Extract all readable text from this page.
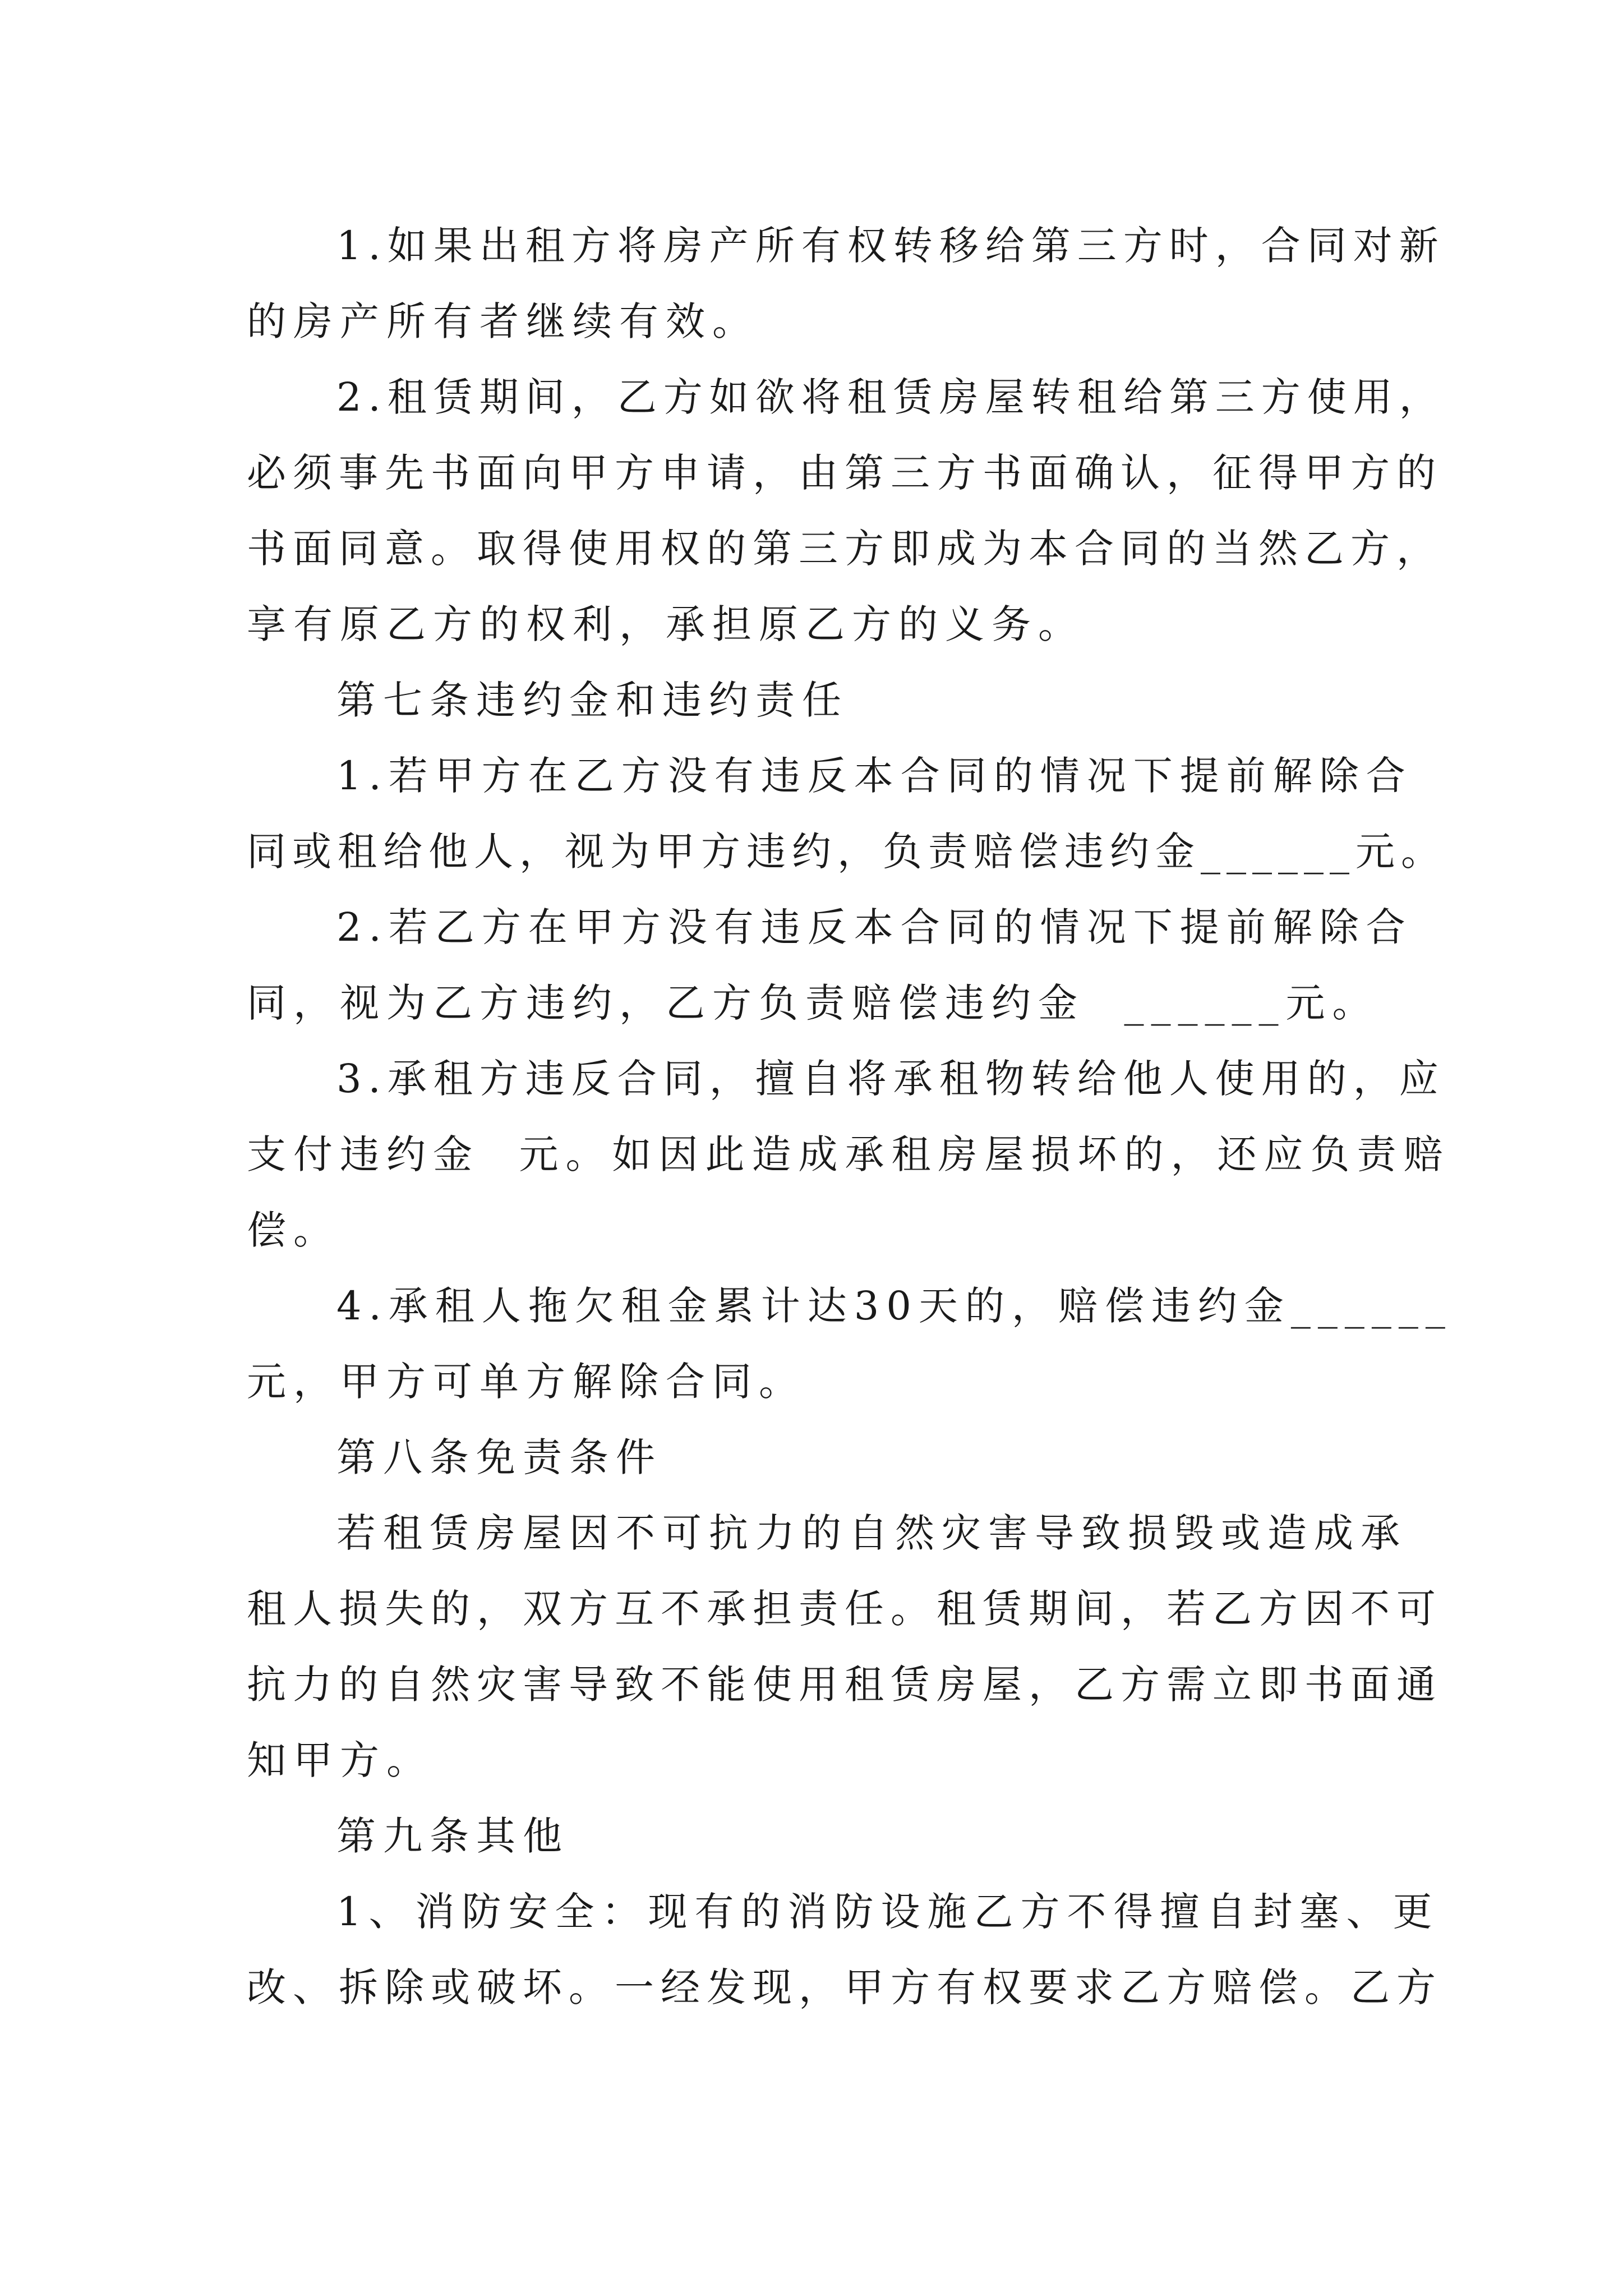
1.如果出租方将房产所有权转移给第三方时，合同对新
的房产所有者继续有效。
2.租赁期间，乙方如欲将租赁房屋转租给第三方使用，
必须事先书面向甲方申请，由第三方书面确认，征得甲方的
书面同意。取得使用权的第三方即成为本合同的当然乙方，
享有原乙方的权利，承担原乙方的义务。
第七条违约金和违约责任
1.若甲方在乙方没有违反本合同的情况下提前解除合
同或租给他人，视为甲方违约，负责赔偿违约金______元。
2.若乙方在甲方没有违反本合同的情况下提前解除合
同，视为乙方违约，乙方负责赔偿违约金  ______元。
3.承租方违反合同，擅自将承租物转给他人使用的，应
支付违约金  元。如因此造成承租房屋损坏的，还应负责赔
偿。
4.承租人拖欠租金累计达30天的，赔偿违约金______
元，甲方可单方解除合同。
第八条免责条件
若租赁房屋因不可抗力的自然灾害导致损毁或造成承
租人损失的，双方互不承担责任。租赁期间，若乙方因不可
抗力的自然灾害导致不能使用租赁房屋，乙方需立即书面通
知甲方。
第九条其他
1、消防安全：现有的消防设施乙方不得擅自封塞、更
改、拆除或破坏。一经发现，甲方有权要求乙方赔偿。乙方
